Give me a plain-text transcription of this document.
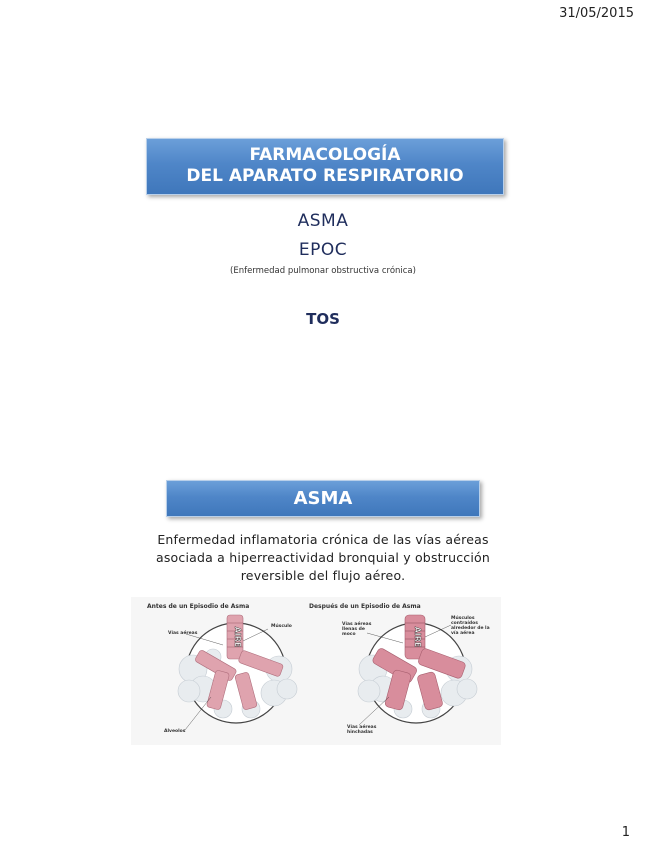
31/05/2015
FARMACOLOGÍA
DEL APARATO RESPIRATORIO
ASMA
EPOC
(Enfermedad pulmonar obstructiva crónica)
TOS
ASMA
Enfermedad inflamatoria crónica de las vías aéreas
asociada a hiperreactividad bronquial y obstrucción
reversible del flujo aéreo.
AIRE	AIRE
Antes de un Episodio de Asma	Después de un Episodio de Asma
Vías aéreas
Músculo
Alveolos
Vías aéreas
llenas de
moco
Músculos contraídos
alrededor de la
vía aérea
Vías aéreas
hinchadas
1
